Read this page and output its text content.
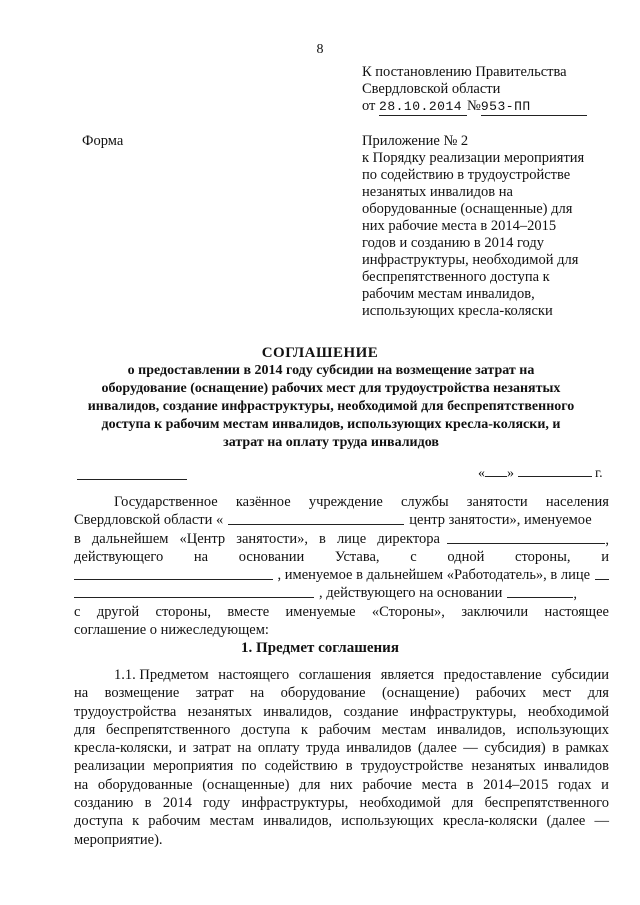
8
К постановлению Правительства
Свердловской области
от
28.10.2014 № 953-ПП
Форма	Приложение № 2
к Порядку реализации мероприятия
по содействию в трудоустройстве
незанятых инвалидов на
оборудованные (оснащенные) для
них рабочие места в 2014–2015
годов и созданию в 2014 году
инфраструктуры, необходимой для
беспрепятственного доступа к
рабочим местам инвалидов,
использующих кресла-коляски
СОГЛАШЕНИЕ
о предоставлении в 2014 году субсидии на возмещение затрат на
оборудование (оснащение) рабочих мест для трудоустройства незанятых
инвалидов, создание инфраструктуры, необходимой для беспрепятственного
доступа к рабочим местам инвалидов, использующих кресла-коляски, и
затрат на оплату труда инвалидов
« »	г.
Государственное казённое учреждение службы занятости населения
Свердловской области «	центр занятости», именуемое
в дальнейшем «Центр занятости», в лице директора	,
действующего на основании Устава, с одной стороны, и
, именуемое в дальнейшем «Работодатель», в лице
, действующего на основании	,
с другой стороны, вместе именуемые «Стороны», заключили настоящее
соглашение о нижеследующем:
1. Предмет соглашения
1.1. Предметом настоящего соглашения является предоставление субсидии
на возмещение затрат на оборудование (оснащение) рабочих мест для
трудоустройства незанятых инвалидов, создание инфраструктуры, необходимой
для беспрепятственного доступа к рабочим местам инвалидов, использующих
кресла-коляски, и затрат на оплату труда инвалидов (далее — субсидия) в рамках
реализации мероприятия по содействию в трудоустройстве незанятых инвалидов
на оборудованные (оснащенные) для них рабочие места в 2014–2015 годах и
созданию в 2014 году инфраструктуры, необходимой для беспрепятственного
доступа к рабочим местам инвалидов, использующих кресла-коляски (далее —
мероприятие).
